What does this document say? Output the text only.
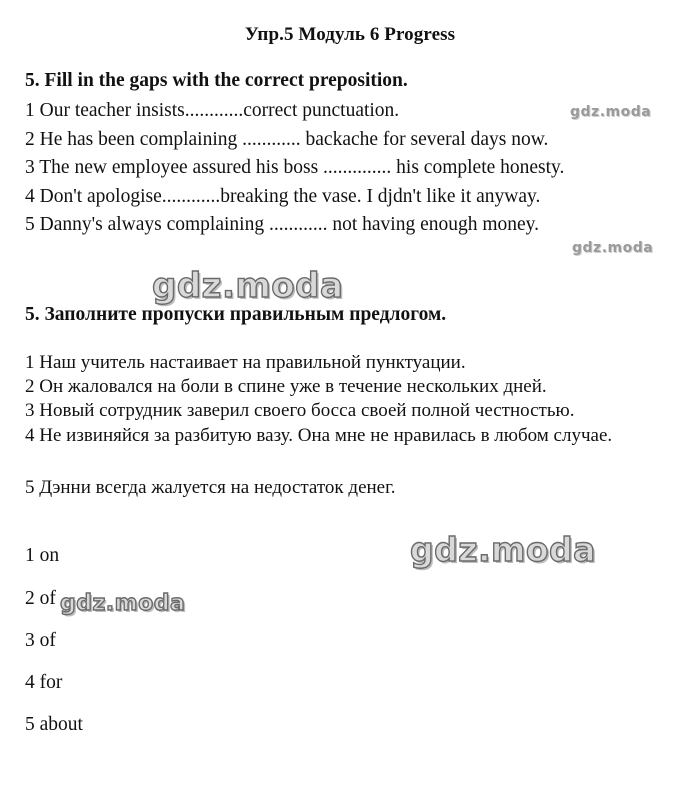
Упр.5 Модуль 6 Progress
5. Fill in the gaps with the correct preposition.
1 Our teacher insists............correct punctuation.
2 He has been complaining ............ backache for several days now.
3 The new employee assured his boss .............. his complete honesty.
4 Don't apologise............breaking the vase. I djdn't like it anyway.
5 Danny's always complaining ............ not having enough money.
5. Заполните пропуски правильным предлогом.
1 Наш учитель настаивает на правильной пунктуации.
2 Он жаловался на боли в спине уже в течение нескольких дней.
3 Новый сотрудник заверил своего босса своей полной честностью.
4 Не извиняйся за разбитую вазу. Она мне не нравилась в любом случае.
5 Дэнни всегда жалуется на недостаток денег.
1 on
2 of
3 of
4 for
5 about
gdz.moda
gdz.moda
gdz.moda
gdz.moda
gdz.moda
